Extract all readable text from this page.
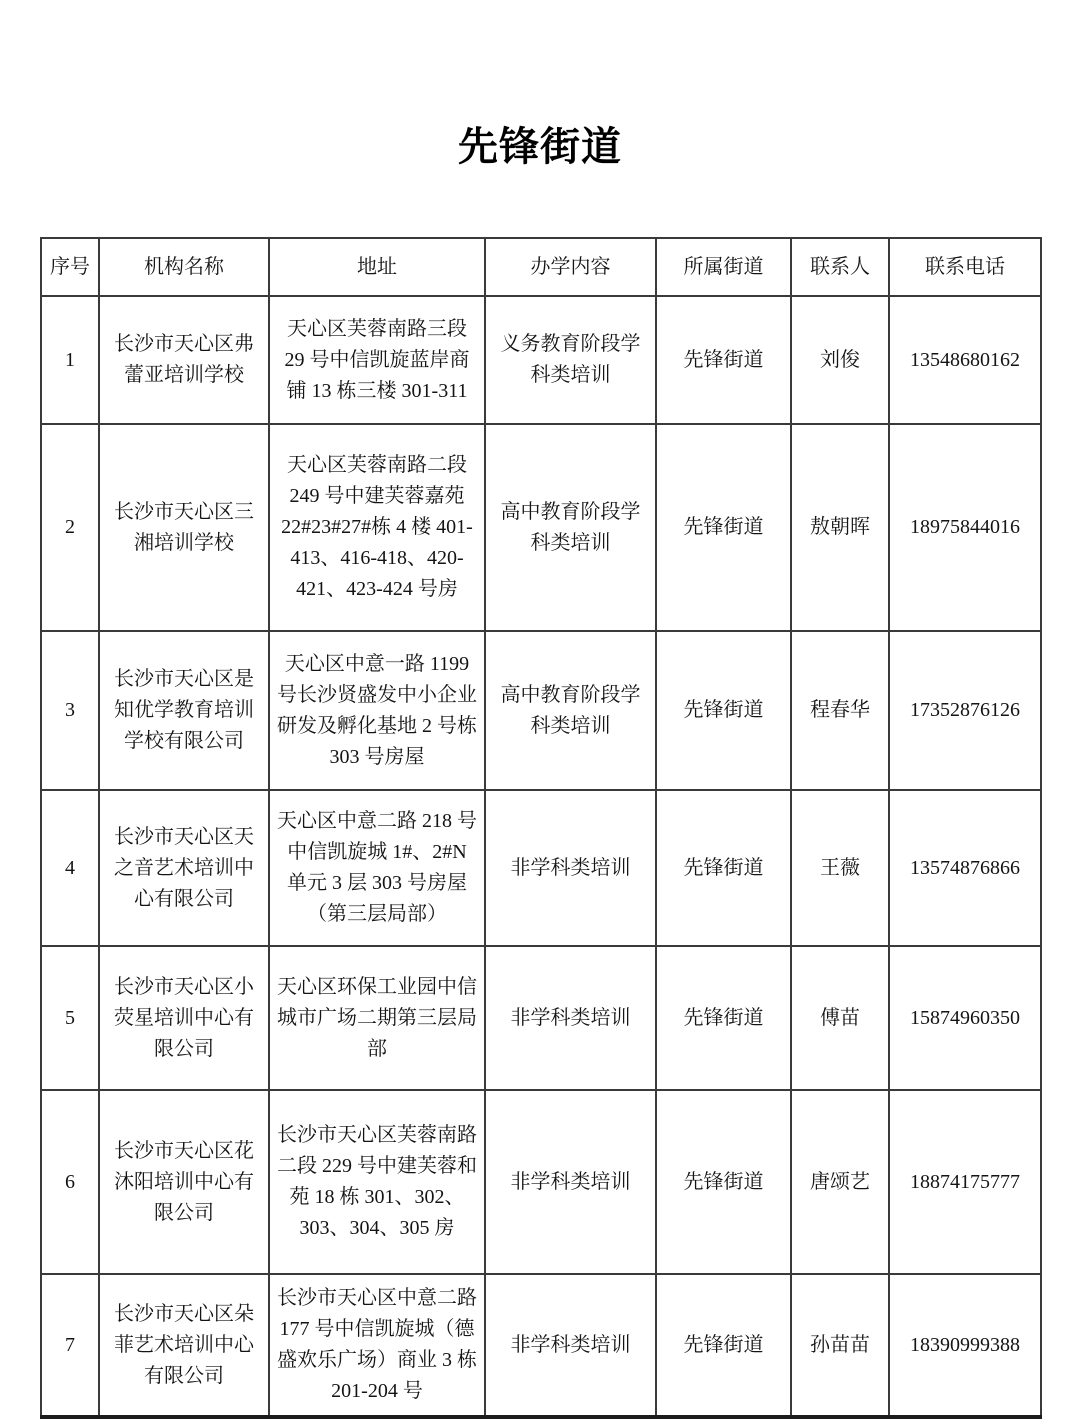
先锋街道
序号	机构名称	地址	办学内容	所属街道	联系人	联系电话
1	长沙市天心区弗蕾亚培训学校	天心区芙蓉南路三段 29 号中信凯旋蓝岸商铺 13 栋三楼 301-311	义务教育阶段学科类培训	先锋街道	刘俊	13548680162
2	长沙市天心区三湘培训学校	天心区芙蓉南路二段 249 号中建芙蓉嘉苑 22#23#27#栋 4 楼 401-413、416-418、420-421、423-424 号房	高中教育阶段学科类培训	先锋街道	敖朝晖	18975844016
3	长沙市天心区是知优学教育培训学校有限公司	天心区中意一路 1199 号长沙贤盛发中小企业研发及孵化基地 2 号栋 303 号房屋	高中教育阶段学科类培训	先锋街道	程春华	17352876126
4	长沙市天心区天之音艺术培训中心有限公司	天心区中意二路 218 号中信凯旋城 1#、2#N 单元 3 层 303 号房屋（第三层局部）	非学科类培训	先锋街道	王薇	13574876866
5	长沙市天心区小荧星培训中心有限公司	天心区环保工业园中信城市广场二期第三层局部	非学科类培训	先锋街道	傅苗	15874960350
6	长沙市天心区花沐阳培训中心有限公司	长沙市天心区芙蓉南路二段 229 号中建芙蓉和苑 18 栋 301、302、303、304、305 房	非学科类培训	先锋街道	唐颂艺	18874175777
7	长沙市天心区朵菲艺术培训中心有限公司	长沙市天心区中意二路 177 号中信凯旋城（德盛欢乐广场）商业 3 栋 201-204 号	非学科类培训	先锋街道	孙苗苗	18390999388
